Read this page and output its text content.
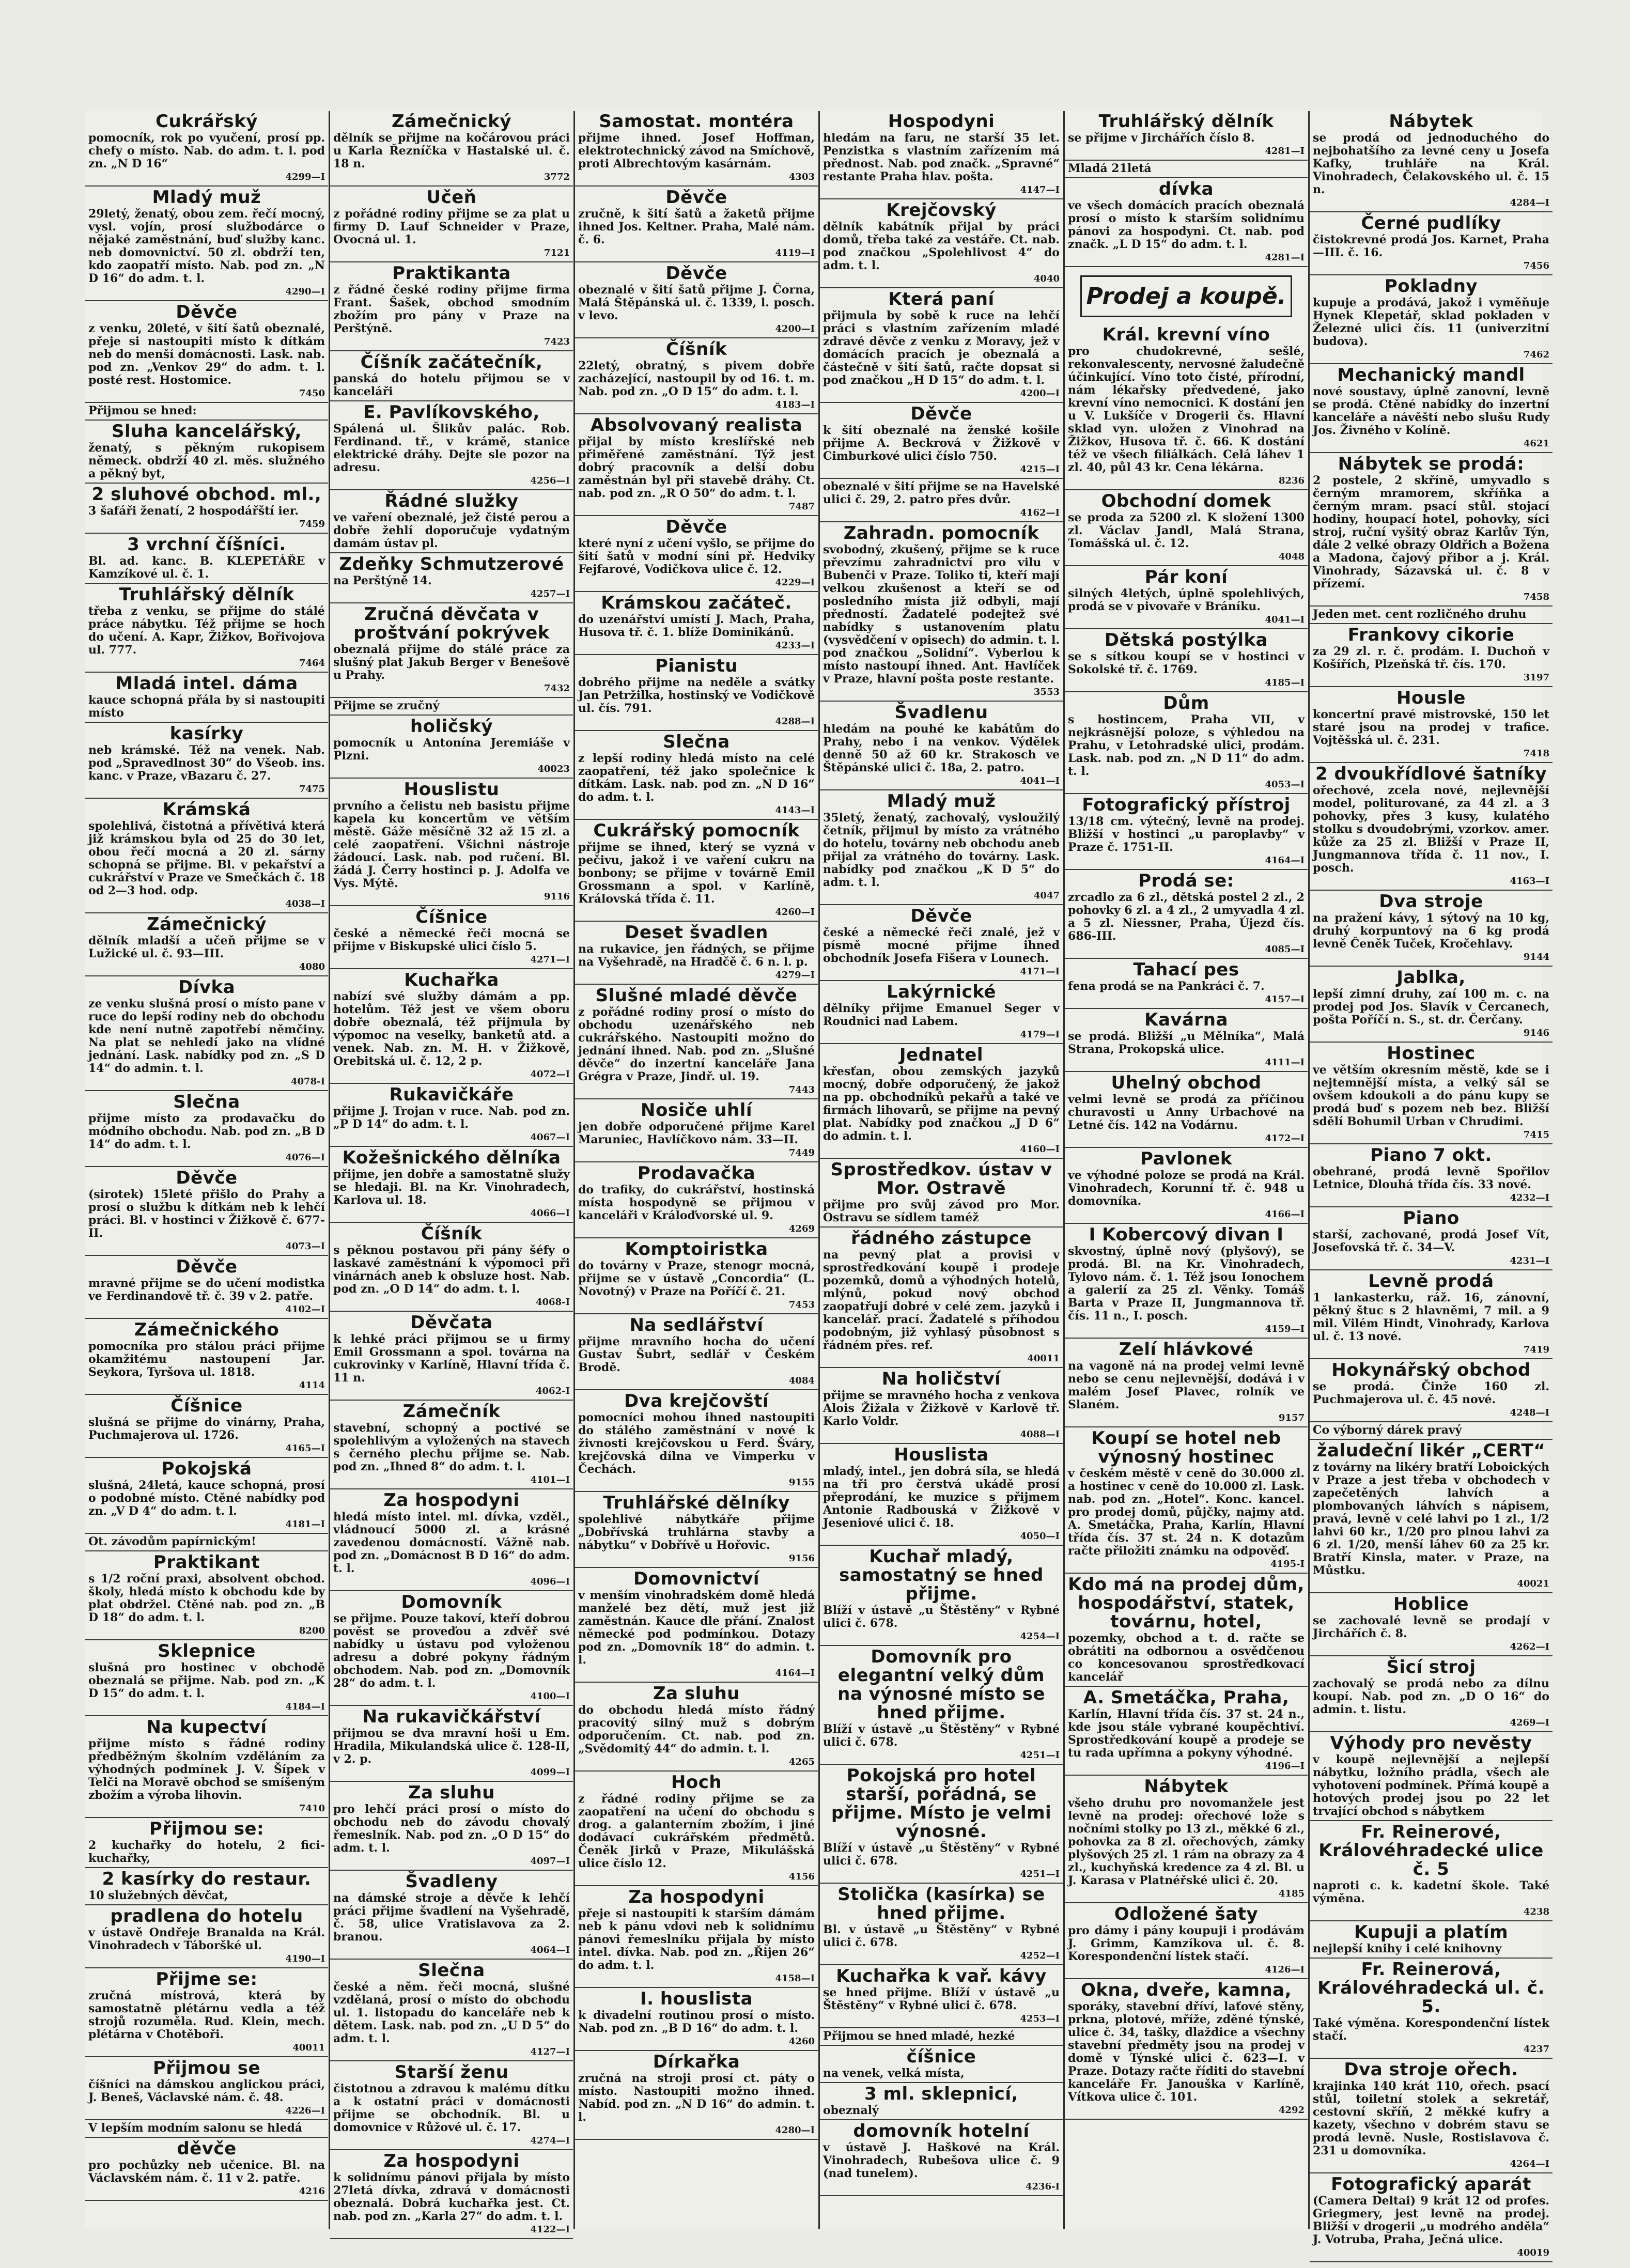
Cukrářský

pomocník, rok po vyučení, prosí pp. chefy o místo. Nab. do adm. t. l. pod zn. „N D 16“

4299—I

Mladý muž

29letý, ženatý, obou zem. řečí mocný, vysl. vojín, prosí službodárce o nějaké zaměstnání, buď služby kanc. neb domovnictví. 50 zl. obdrží ten, kdo zaopatří místo. Nab. pod zn. „N D 16“ do adm. t. l.

4290—I

Děvče

z venku, 20leté, v šití šatů obeznalé, přeje si nastoupiti místo k dítkám neb do menší domácnosti. Lask. nab. pod zn. „Venkov 29“ do adm. t. l. posté rest. Hostomice.

7450

Přijmou se hned:

Sluha kancelářský,

ženatý, s pěkným rukopisem německ. obdrží 40 zl. měs. služného a pěkný byt,

2 sluhové obchod. ml.,

3 šafáři ženatí, 2 hospodářští ier.

7459

3 vrchní číšníci.

Bl. ad. kanc. B. KLEPETÁŘE v Kamzíkové ul. č. 1.

Truhlářský dělník

třeba z venku, se přijme do stálé práce nábytku. Též přijme se hoch do učení. A. Kapr, Žižkov, Bořivojova ul. 777.

7464

Mladá intel. dáma

kauce schopná přála by si nastoupiti místo

kasírky

neb krámské. Též na venek. Nab. pod „Spravedlnost 30“ do Všeob. ins. kanc. v Praze, vBazaru č. 27.

7475

Krámská

spolehlivá, čistotná a přívětivá která již krámskou byla od 25 do 30 let, obou řečí mocná a 20 zl. sárny schopná se přijme. Bl. v pekařství a cukrářství v Praze ve Smečkách č. 18 od 2—3 hod. odp.

4038—I

Zámečnický

dělník mladší a učeň přijme se v Lužické ul. č. 93—III.

4080

Dívka

ze venku slušná prosí o místo pane v ruce do lepší rodiny neb do obchodu kde není nutně zapotřebí němčiny. Na plat se nehledí jako na vlídné jednání. Lask. nabídky pod zn. „S D 14“ do admin. t. l.

4078-I

Slečna

přijme místo za prodavačku do módního obchodu. Nab. pod zn. „B D 14“ do adm. t. l.

4076—I

Děvče

(sirotek) 15leté přišlo do Prahy a prosí o službu k dítkám neb k lehčí práci. Bl. v hostinci v Žižkově č. 677-II.

4073—I

Děvče

mravné přijme se do učení modistka ve Ferdinandově tř. č. 39 v 2. patře.

4102—I

Zámečnického

pomocníka pro stálou práci přijme okamžitému nastoupení Jar. Seykora, Tyršova ul. 1818.

4114

Číšnice

slušná se přijme do vinárny, Praha, Puchmajerova ul. 1726.

4165—I

Pokojská

slušná, 24letá, kauce schopná, prosí o podobné místo. Ctěné nabídky pod zn. „V D 4“ do adm. t. l.

4181—I

Ot. závodům papírnickým!

Praktikant

s 1/2 roční praxi, absolvent obchod. školy, hledá místo k obchodu kde by plat obdržel. Ctěné nab. pod zn. „B D 18“ do adm. t. l.

8200

Sklepnice

slušná pro hostinec v obchodě obeznalá se přijme. Nab. pod zn. „K D 15“ do adm. t. l.

4184—I

Na kupectví

přijme místo s řádné rodiny předběžným školním vzděláním za výhodných podmínek J. V. Šípek v Telči na Moravě obchod se smíšeným zbožím a výroba lihovin.

7410

Přijmou se:

2 kuchařky do hotelu, 2 fici-kuchařky,

2 kasírky do restaur.

10 služebných děvčat,

pradlena do hotelu

v ústavě Ondřeje Branalda na Král. Vinohradech v Táboršké ul.

4190—I

Přijme se:

zručná místrová, která by samostatně plétárnu vedla a též strojů rozuměla. Rud. Klein, mech. plétárna v Chotěboři.

40011

Přijmou se

číšníci na dámskou anglickou práci, J. Beneš, Václavské nám. č. 48.

4226—I

V lepším modním salonu se hledá

děvče

pro pochůzky neb učenice. Bl. na Václavském nám. č. 11 v 2. patře.

4216

Zámečnický

dělník se přijme na kočárovou práci u Karla Řezníčka v Hastalské ul. č. 18 n.

3772

Učeň

z pořádné rodiny přijme se za plat u firmy D. Lauf Schneider v Praze, Ovocná ul. 1.

7121

Praktikanta

z řádné české rodiny přijme firma Frant. Šašek, obchod smodním zbožím pro pány v Praze na Perštýně.

7423

Číšník začátečník,

panská do hotelu přijmou se v kanceláři

E. Pavlíkovského,

Spálená ul. Šlikův palác. Rob. Ferdinand. tř., v krámě, stanice elektrické dráhy. Dejte sle pozor na adresu.

4256—I

Řádné služky

ve vaření obeznalé, jež čisté perou a dobře žehlí doporučuje vydatným damám ústav pl.

Zdeňky Schmutzerové

na Perštýně 14.

4257—I

Zručná děvčata v proštvání pokrývek

obeznalá přijme do stálé práce za slušný plat Jakub Berger v Benešově u Prahy.

7432

Přijme se zručný

holičský

pomocník u Antonína Jeremiáše v Plzni.

40023

Houslistu

prvního a čelistu neb basistu přijme kapela ku koncertům ve větším městě. Gáže měsíčně 32 až 15 zl. a celé zaopatření. Všichni nástroje žádoucí. Lask. nab. pod ručení. Bl. žádá J. Čerry hostinci p. J. Adolfa ve Vys. Mýtě.

9116

Číšnice

české a německé řeči mocná se přijme v Biskupské ulici číslo 5.

4271—I

Kuchařka

nabízí své služby dámám a pp. hotelům. Též jest ve všem oboru dobře obeznalá, též přijmula by výpomoc na veselky, banketů atd. a venek. Nab. zn. M. H. v Žižkově, Orebitská ul. č. 12, 2 p.

4072—I

Rukavičkáře

přijme J. Trojan v ruce. Nab. pod zn. „P D 14“ do adm. t. l.

4067—I

Kožešnického dělníka

přijme, jen dobře a samostatně služy se hledaji. Bl. na Kr. Vinohradech, Karlova ul. 18.

4066—I

Číšník

s pěknou postavou při pány šéfy o laskavé zaměstnání k výpomoci při vinárnách aneb k obsluze host. Nab. pod zn. „O D 14“ do adm. t. l.

4068-I

Děvčata

k lehké práci přijmou se u firmy Emil Grossmann a spol. továrna na cukrovinky v Karlíně, Hlavní třída č. 11 n.

4062-I

Zámečník

stavební, schopný a poctivé se spolehlivým a vyložených na stavech s černého plechu přijme se. Nab. pod zn. „Ihned 8“ do adm. t. l.

4101—I

Za hospodyni

hledá místo intel. ml. dívka, vzděl., vládnoucí 5000 zl. a krásné zavedenou domácností. Vážně nab. pod zn. „Domácnost B D 16“ do adm. t. l.

4096—I

Domovník

se přijme. Pouze takoví, kteří dobrou pověst se proveďou a zdvěř své nabídky u ústavu pod vyloženou adresu a dobré pokyny řádným obchodem. Nab. pod zn. „Domovník 28“ do adm. t. l.

4100—I

Na rukavičkářství

přijmou se dva mravní hoši u Em. Hradila, Mikulandská ulice č. 128-II, v 2. p.

4099—I

Za sluhu

pro lehčí práci prosí o místo do obchodu neb do závodu chovalý řemeslník. Nab. pod zn. „O D 15“ do adm. t. l.

4097—I

Švadleny

na dámské stroje a děvče k lehčí práci přijme švadlení na Vyšehradě, č. 58, ulice Vratislavova za 2. branou.

4064—I

Slečna

české a něm. řeči mocná, slušné vzdělaná, prosí o místo do obchodu ul. 1. listopadu do kanceláře neb k dětem. Lask. nab. pod zn. „U D 5“ do adm. t. l.

4127—I

Starší ženu

čistotnou a zdravou k malému dítku a k ostatní práci v domácnosti přijme se obchodník. Bl. u domovnice v Růžové ul. č. 17.

4274—I

Za hospodyni

k solidnímu pánovi přijala by místo 27letá dívka, zdravá v domácnosti obeznalá. Dobrá kuchařka jest. Ct. nab. pod zn. „Karla 27“ do adm. t. l.

4122—I

Samostat. montéra

přijme ihned. Josef Hoffman, elektrotechnický závod na Smíchově, proti Albrechtovým kasárnám.

4303

Děvče

zručně, k šití šatů a žaketů přijme ihned Jos. Keltner. Praha, Malé nám. č. 6.

4119—I

Děvče

obeznalé v šití šatů přijme J. Čorna, Malá Štěpánská ul. č. 1339, l. posch. v levo.

4200—I

Číšník

22letý, obratný, s pivem dobře zacházející, nastoupil by od 16. t. m. Nab. pod zn. „O D 15“ do adm. t. l.

4183—I

Absolvovaný realista

přijal by místo kreslířské neb přiměřené zaměstnání. Týž jest dobrý pracovník a delší dobu zaměstnán byl při stavebě dráhy. Ct. nab. pod zn. „R O 50“ do adm. t. l.

7487

Děvče

které nyní z učení vyšlo, se přijme do šití šatů v modní síni př. Hedviky Fejfarové, Vodičkova ulice č. 12.

4229—I

Krámskou začáteč.

do uzenářství umístí J. Mach, Praha, Husova tř. č. 1. blíže Dominikánů.

4233—I

Pianistu

dobrého přijme na neděle a svátky Jan Petržilka, hostinský ve Vodičkově ul. čís. 791.

4288—I

Slečna

z lepší rodiny hledá místo na celé zaopatření, též jako společnice k dítkám. Lask. nab. pod zn. „N D 16“ do adm. t. l.

4143—I

Cukrářský pomocník

přijme se ihned, který se vyzná v pečivu, jakož i ve vaření cukru na bonbony; se přijme v továrně Emil Grossmann a spol. v Karlíně, Královská třída č. 11.

4260—I

Deset švadlen

na rukavice, jen řádných, se přijme na Vyšehradě, na Hradčě č. 6 n. l. p.

4279—I

Slušné mladé děvče

z pořádné rodiny prosí o místo do obchodu uzenářského neb cukrářského. Nastoupiti možno do jednání ihned. Nab. pod zn. „Slušné děvče“ do inzertní kanceláře Jana Grégra v Praze, Jindř. ul. 19.

7443

Nosiče uhlí

jen dobře odporučené přijme Karel Maruniec, Havlíčkovo nám. 33—II.

7449

Prodavačka

do trafiky, do cukrářství, hostinská místa hospodyně se přijmou v kanceláři v Králoďvorské ul. 9.

4269

Komptoiristka

do továrny v Praze, stenogr mocná, přijme se v ústavě „Concordia“ (L. Novotný) v Praze na Poříčí č. 21.

7453

Na sedlářství

přijme mravního hocha do učení Gustav Šubrt, sedlář v Českém Brodě.

4084

Dva krejčovští

pomocníci mohou ihned nastoupiti do stálého zaměstnání v nové k živnosti krejčovskou u Ferd. Šváry, krejčovská dílna ve Vimperku v Čechách.

9155

Truhlářské dělníky

spolehlivé nábytkáře přijme „Dobřívská truhlárna stavby a nábytku“ v Dobřívě u Hořovic.

9156

Domovnictví

v menším vinohradském domě hledá manželé bez dětí, muž jest již zaměstnán. Kauce dle přání. Znalost německé pod podmínkou. Dotazy pod zn. „Domovník 18“ do admin. t. l.

4164—I

Za sluhu

do obchodu hledá místo řádný pracovitý silný muž s dobrým odporučením. Ct. nab. pod zn. „Svědomitý 44“ do admin. t. l.

4265

Hoch

z řádné rodiny přijme se za zaopatření na učení do obchodu s drog. a galanterním zbožím, i jiné dodávací cukrářském předmětů. Čeněk Jirků v Praze, Mikulášská ulice číslo 12.

4156

Za hospodyni

přeje si nastoupiti k starším dámám neb k pánu vdovi neb k solidnímu pánovi řemeslníku přijala by místo intel. dívka. Nab. pod zn. „Řijen 26“ do adm. t. l.

4158—I

I. houslista

k divadelní routinou prosí o místo. Nab. pod zn. „B D 16“ do adm. t. l.

4260

Dírkařka

zručná na stroji prosí ct. páty o místo. Nastoupiti možno ihned. Nabíd. pod zn. „N D 16“ do admin. t. l.

4280—I

Hospodyni

hledám na faru, ne starší 35 let. Penzistka s vlastním zařízením má přednost. Nab. pod značk. „Spravné“ restante Praha hlav. pošta.

4147—I

Krejčovský

dělník kabátník přijal by práci domů, třeba také za vestáře. Ct. nab. pod značkou „Spolehlivost 4“ do adm. t. l.

4040

Která paní

přijmula by sobě k ruce na lehčí práci s vlastním zařízením mladé zdravé děvče z venku z Moravy, jež v domácích pracích je obeznalá a částečně v šití šatů, račte dopsat si pod značkou „H D 15“ do adm. t. l.

4200—I

Děvče

k šití obeznalé na ženské košile přijme A. Beckrová v Žižkově v Cimburkové ulici číslo 750.

4215—I

obeznalé v šití přijme se na Havelské ulici č. 29, 2. patro přes dvůr.

4162—I

Zahradn. pomocník

svobodný, zkušený, přijme se k ruce převzímu zahradnictví pro vilu v Bubenči v Praze. Toliko ti, kteří mají velkou zkušenost a kteří se od posledního místa již odbyli, mají předností. Žadatelé podejtež své nabídky s ustanovením platu (vysvědčení v opisech) do admin. t. l. pod značkou „Solidní“. Vyberlou k místo nastoupí ihned. Ant. Havlíček v Praze, hlavní pošta poste restante.

3553

Švadlenu

hledám na pouhé ke kabátům do Prahy, nebo i na venkov. Výdělek denně 50 až 60 kr. Strakosch ve Štěpánské ulici č. 18a, 2. patro.

4041—I

Mladý muž

35letý, ženatý, zachovalý, vysloužilý četník, přijmul by místo za vrátného do hotelu, továrny neb obchodu aneb přijal za vrátného do továrny. Lask. nabídky pod značkou „K D 5“ do adm. t. l.

4047

Děvče

české a německé řeči znalé, jež v písmě mocné přijme ihned obchodník Josefa Fišera v Lounech.

4171—I

Lakýrnické

dělníky přijme Emanuel Seger v Roudnici nad Labem.

4179—I

Jednatel

křesťan, obou zemských jazyků mocný, dobře odporučený, že jakož na pp. obchodníků pekařů a také ve firmách lihovarů, se přijme na pevný plat. Nabídky pod značkou „J D 6“ do admin. t. l.

4160—I

Sprostředkov. ústav v Mor. Ostravě

přijme pro svůj závod pro Mor. Ostravu se sídlem taméž

řádného zástupce

na pevný plat a provisi v sprostředkování koupě i prodeje pozemků, domů a výhodných hotelů, mlýnů, pokud nový obchod zaopatřují dobré v celé zem. jazyků i kancelář. prací. Žadatelé s příhodou podobným, již vyhlasý působnost s řádném přes. ref.

40011

Na holičství

přijme se mravného hocha z venkova Alois Žižala v Žižkově v Karlově tř. Karlo Voldr.

4088—I

Houslista

mladý, intel., jen dobrá síla, se hledá na tři pro čerstvá ukádě prosí přeprodání, ke muzice s přijmem Antonie Radbouská v Žižkově v Jeseniové ulici č. 18.

4050—I

Kuchař mladý, samostatný se hned přijme.

Blíží v ústavě „u Štěstěny“ v Rybné ulici č. 678.

4254—I

Domovník pro elegantní velký dům na výnosné místo se hned přijme.

Blíží v ústavě „u Štěstěny“ v Rybné ulici č. 678.

4251—I

Pokojská pro hotel starší, pořádná, se přijme. Místo je velmi výnosné.

Blíží v ústavě „u Štěstěny“ v Rybné ulici č. 678.

4251—I

Stolička (kasírka) se hned přijme.

Bl. v ústavě „u Štěstěny“ v Rybné ulici č. 678.

4252—I

Kuchařka k vař. kávy

se hned přijme. Blíží v ústavě „u Štěstěny“ v Rybné ulici č. 678.

4253—I

Přijmou se hned mladé, hezké

číšnice

na venek, velká místa,

3 ml. sklepnicí,

obeznalý

domovník hotelní

v ústavě J. Haškové na Král. Vinohradech, Rubešova ulice č. 9 (nad tunelem).

4236-I

Truhlářský dělník

se přijme v Jirchářích číslo 8.

4281—I

Mladá 21letá

dívka

ve všech domácích pracích obeznalá prosí o místo k starším solidnímu pánovi za hospodyni. Ct. nab. pod značk. „L D 15“ do adm. t. l.

4281—I

Prodej a koupě.
Král. krevní víno

pro chudokrevné, sešlé, rekonvalescenty, nervosné žaludečně účinkující. Víno toto čisté, přírodní, nám lékařsky předvedené, jako krevní víno nemocnici. K dostání jen u V. Lukšíče v Drogerii čs. Hlavní sklad vyn. uložen z Vinohrad na Žižkov, Husova tř. č. 66. K dostání též ve všech filiálkách. Celá láhev 1 zl. 40, půl 43 kr. Cena lékárna.

8236

Obchodní domek

se proda za 5200 zl. K složení 1300 zl. Václav Jandl, Malá Strana, Tomášská ul. č. 12.

4048

Pár koní

silných 4letých, úplně spolehlivých, prodá se v pivovaře v Bráníku.

4041—I

Dětská postýlka

se s sítkou koupí se v hostinci v Sokolské tř. č. 1769.

4185—I

Dům

s hostincem, Praha VII, v nejkrásnější poloze, s výhledou na Prahu, v Letohradské ulici, prodám. Lask. nab. pod zn. „N D 11“ do adm. t. l.

4053—I

Fotografický přístroj

13/18 cm. výtečný, levně na prodej. Bližší v hostinci „u paroplavby“ v Praze č. 1751-II.

4164—I

Prodá se:

zrcadlo za 6 zl., dětská postel 2 zl., 2 pohovky 6 zl. a 4 zl., 2 umyvadla 4 zl. a 5 zl. Niessner, Praha, Újezd čís. 686-III.

4085—I

Tahací pes

fena prodá se na Pankráci č. 7.

4157—I

Kavárna

se prodá. Bližší „u Mělníka“, Malá Strana, Prokopská ulice.

4111—I

Uhelný obchod

velmi levně se prodá za příčinou churavosti u Anny Urbachové na Letné čís. 142 na Vodárnu.

4172—I

Pavlonek

ve výhodné poloze se prodá na Král. Vinohradech, Korunní tř. č. 948 u domovníka.

4166—I

I Kobercový divan I

skvostný, úplně nový (plyšový), se prodá. Bl. na Kr. Vinohradech, Tylovo nám. č. 1. Též jsou Ionochem a galerií za 25 zl. Věnky. Tomáš Barta v Praze II, Jungmannova tř. čís. 11 n., I. posch.

4159—I

Zelí hlávkové

na vagoně ná na prodej velmi levně nebo se cenu nejlevnější, dodává i v malém Josef Plavec, rolník ve Slaném.

9157

Koupí se hotel neb výnosný hostinec

v českém městě v ceně do 30.000 zl. a hostinec v ceně do 10.000 zl. Lask. nab. pod zn. „Hotel“. Konc. kancel. pro prodej domů, půjčky, najmy atd. A. Smetáčka, Praha, Karlín, Hlavní třída čís. 37 st. 24 n. K dotazům račte přiložiti známku na odpověď.

4195-I

Kdo má na prodej dům, hospodářství, statek, továrnu, hotel,

pozemky, obchod a t. d. račte se obrátiti na odbornou a osvědčenou co koncesovanou sprostředkovací kancelář

A. Smetáčka, Praha,

Karlín, Hlavní třída čís. 37 st. 24 n., kde jsou stále vybrané koupěchtiví. Sprostředkování koupě a prodeje se tu rada upřímna a pokyny výhodné.

4196—I

Nábytek

všeho druhu pro novomanžele jest levně na prodej: ořechové lože s nočními stolky po 13 zl., měkké 6 zl., pohovka za 8 zl. ořechových, zámky plyšových 25 zl. 1 rám na obrazy za 4 zl., kuchyňská kredence za 4 zl. Bl. u J. Karasa v Platnéřské ulici č. 20.

4185

Odložené šaty

pro dámy i pány koupuji i prodávám J. Grimm, Kamzíkova ul. č. 8. Korespondenční lístek stačí.

4126—I

Okna, dveře, kamna,

sporáky, stavební dříví, laťové stěny, prkna, plotové, mříže, zděné týnské, ulice č. 34, tašky, dlaždice a všechny stavební předměty jsou na prodej v domě v Týnské ulici č. 623—I. v Praze. Dotazy račte říditi do stavební kanceláře Fr. Janouška v Karlíně, Vítkova ulice č. 101.

4292

Nábytek

se prodá od jednoduchého do nejbohatšího za levné ceny u Josefa Kafky, truhláře na Král. Vinohradech, Čelakovského ul. č. 15 n.

4284—I

Černé pudlíky

čistokrevné prodá Jos. Karnet, Praha—III. č. 16.

7456

Pokladny

kupuje a prodává, jakož i vyměňuje Hynek Klepetář, sklad pokladen v Železné ulici čís. 11 (univerzitní budova).

7462

Mechanický mandl

nové soustavy, úplně zanovní, levně se prodá. Ctěné nabídky do inzertní kanceláře a návěští nebo slušu Rudy Jos. Živného v Kolíně.

4621

Nábytek se prodá:

2 postele, 2 skříně, umyvadlo s černým mramorem, skříňka a černým mram. psací stůl. stojací hodiny, houpací hotel, pohovky, síci stroj, ruční vyšitý obraz Karlův Týn, dále 2 velké obrazy Oldřich a Božena a Madona, čajový přibor a j. Král. Vinohrady, Sázavská ul. č. 8 v přízemí.

7458

Jeden met. cent rozličného druhu

Frankovy cikorie

za 29 zl. r. č. prodám. I. Duchoň v Košířích, Plzeňská tř. čís. 170.

3197

Housle

koncertní pravé mistrovské, 150 let staré jsou na prodej v trafice. Vojtěšská ul. č. 231.

7418

2 dvoukřídlové šatníky

ořechové, zcela nové, nejlevnější model, politurované, za 44 zl. a 3 pohovky, přes 3 kusy, kulatého stolku s dvoudobrými, vzorkov. amer. kůže za 25 zl. Bližší v Praze II, Jungmannova třída č. 11 nov., I. posch.

4163—I

Dva stroje

na pražení kávy, 1 sýtový na 10 kg, druhý korpuntový na 6 kg prodá levně Čeněk Tuček, Kročehlavy.

9144

Jablka,

lepší zimní druhy, zaí 100 m. c. na prodej pod Jos. Slavík v Čercanech, pošta Poříčí n. S., st. dr. Čerčany.

9146

Hostinec

ve větším okresním městě, kde se i nejtemnější místa, a velký sál se ovšem kdoukoli a do pánu kupy se prodá buď s pozem neb bez. Bližší sdělí Bohumil Urban v Chrudimi.

7415

Piano 7 okt.

obehrané, prodá levně Spořilov Letnice, Dlouhá třída čís. 33 nové.

4232—I

Piano

starší, zachované, prodá Josef Vít, Josefovská tř. č. 34—V.

4231—I

Levně prodá

1 lankasterku, ráž. 16, zánovní, pěkný štuc s 2 hlavněmi, 7 mil. a 9 mil. Vilém Hindt, Vinohrady, Karlova ul. č. 13 nové.

7419

Hokynářský obchod

se prodá. Činže 160 zl. Puchmajerova ul. č. 45 nové.

4248—I

Co výborný dárek pravý

žaludeční likér „CERT“

z továrny na likéry bratří Loboických v Praze a jest třeba v obchodech v zapečetěných lahvích a plombovaných láhvích s nápisem, pravá, levně v celé lahvi po 1 zl., 1/2 lahvi 60 kr., 1/20 pro plnou lahvi za 6 zl. 1/20, menší láhev 60 za 25 kr. Bratří Kinsla, mater. v Praze, na Můstku.

40021

Hoblice

se zachovalé levně se prodají v Jirchářích č. 8.

4262—I

Šicí stroj

zachovalý se prodá nebo za dílnu koupí. Nab. pod zn. „D O 16“ do admin. t. listu.

4269—I

Výhody pro nevěsty

v koupě nejlevnější a nejlepší nábytku, ložního prádla, všech ale vyhotovení podmínek. Přímá koupě a hotových prodej jsou po 22 let trvající obchod s nábytkem

Fr. Reinerové, Královéhradecké ulice č. 5

naproti c. k. kadetní škole. Také výměna.

4238

Kupuji a platím

nejlepší knihy i celé knihovny

Fr. Reinerová, Královéhradecká ul. č. 5.

Také výměna. Korespondenční lístek stačí.

4237

Dva stroje ořech.

krajinka 140 krát 110, ořech. psací stůl, toiletní stolek a sekretář, cestovní skříň, 2 měkké kufry a kazety, všechno v dobrém stavu se prodá levně. Nusle, Rostislavova č. 231 u domovníka.

4264—I

Fotografický aparát

(Camera Deltai) 9 krát 12 od profes. Griegmery, jest levně na prodej. Bližší v drogerii „u modrého anděla“ J. Votruba, Praha, Ječná ulice.

40019
